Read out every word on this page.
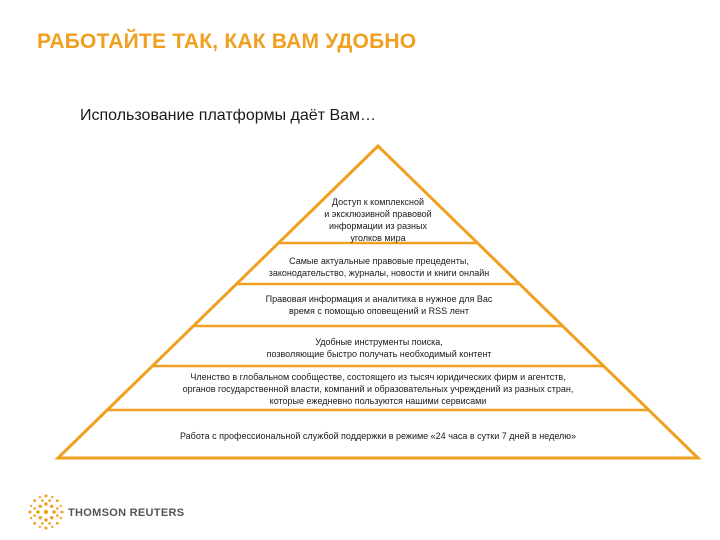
РАБОТАЙТЕ ТАК, КАК ВАМ УДОБНО
Использование платформы даёт Вам…
Доступ к комплексной
и эксклюзивной правовой
информации из разных
уголков мира
Самые актуальные правовые прецеденты,
законодательство, журналы, новости и книги онлайн
Правовая информация и аналитика в нужное для Вас
время с помощью оповещений и RSS лент
Удобные инструменты поиска,
позволяющие быстро получать необходимый контент
Членство в глобальном сообществе, состоящего из тысяч юридических фирм и агентств,
органов государственной власти, компаний и образовательных учреждений из разных стран,
которые ежедневно пользуются нашими сервисами
Работа с профессиональной службой поддержки в режиме «24 часа в сутки 7 дней в неделю»
THOMSON REUTERS
